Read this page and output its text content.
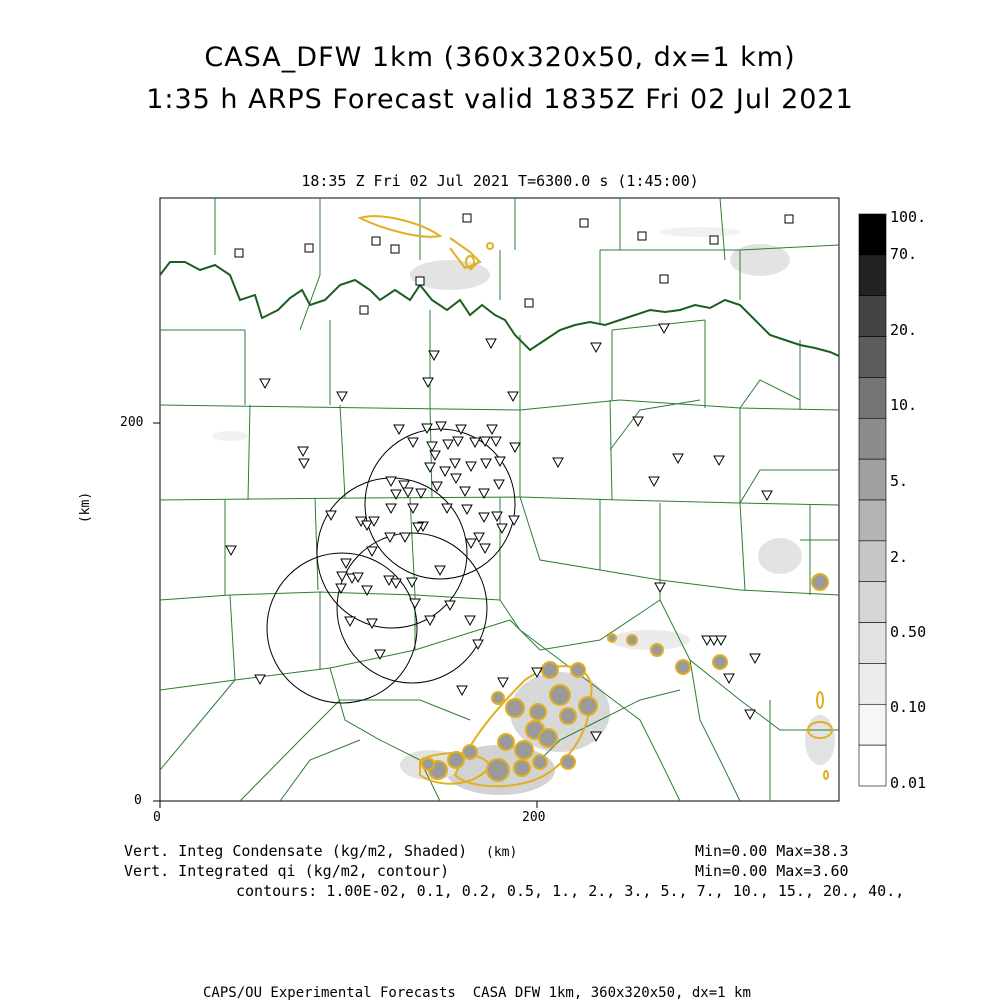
CASA_DFW 1km (360x320x50, dx=1 km)
1:35 h ARPS Forecast valid 1835Z Fri 02 Jul 2021
18:35 Z Fri 02 Jul 2021 T=6300.0 s (1:45:00)
0	200
0
200
(km)
(km)
100.
70.
20.
10.
5.
2.
0.50
0.10
0.01
Vert. Integ Condensate (kg/m2, Shaded)
Vert. Integrated qi (kg/m2, contour)
Min=0.00 Max=38.3
Min=0.00 Max=3.60
contours: 1.00E-02, 0.1, 0.2, 0.5, 1., 2., 3., 5., 7., 10., 15., 20., 40.,
CAPS/OU Experimental Forecasts  CASA DFW 1km, 360x320x50, dx=1 km
